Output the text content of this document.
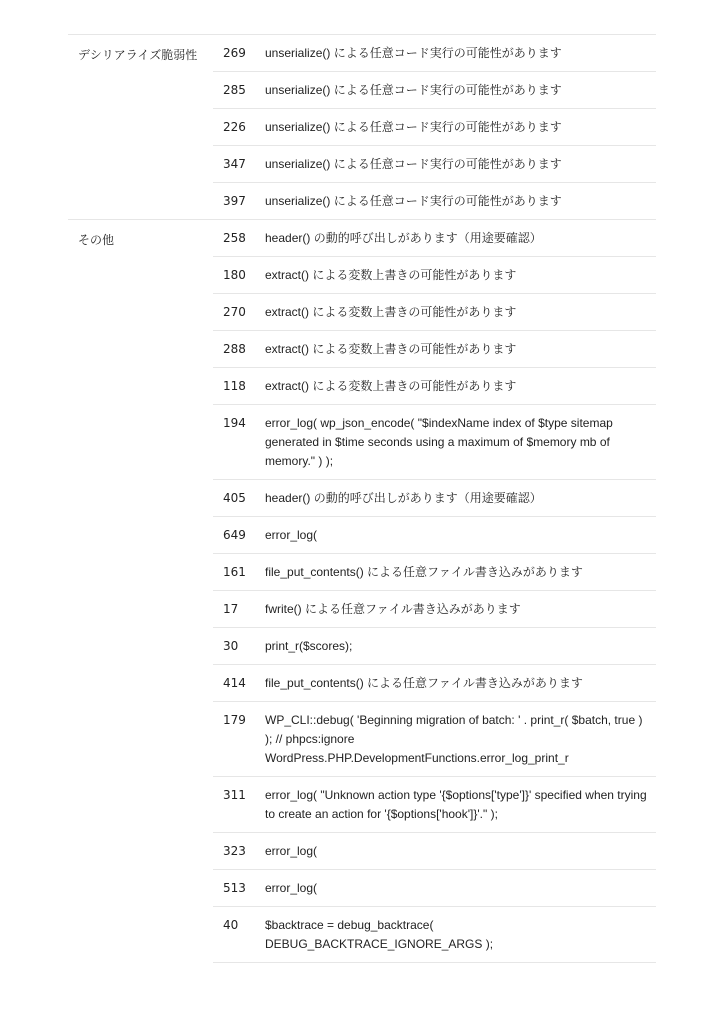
デシリアライズ脆弱性	269	unserialize() による任意コード実行の可能性があります
285	unserialize() による任意コード実行の可能性があります
226	unserialize() による任意コード実行の可能性があります
347	unserialize() による任意コード実行の可能性があります
397	unserialize() による任意コード実行の可能性があります
その他	258	header() の動的呼び出しがあります（用途要確認）
180	extract() による変数上書きの可能性があります
270	extract() による変数上書きの可能性があります
288	extract() による変数上書きの可能性があります
118	extract() による変数上書きの可能性があります
194	error_log( wp_json_encode( "$indexName index of $type sitemap generated in $time seconds using a maximum of $memory mb of memory." ) );
405	header() の動的呼び出しがあります（用途要確認）
649	error_log(
161	file_put_contents() による任意ファイル書き込みがあります
17	fwrite() による任意ファイル書き込みがあります
30	print_r($scores);
414	file_put_contents() による任意ファイル書き込みがあります
179	WP_CLI::debug( 'Beginning migration of batch: ' . print_r( $batch, true ) ); // phpcs:ignore WordPress.PHP.DevelopmentFunctions.error_log_print_r
311	error_log( "Unknown action type '{$options['type']}' specified when trying to create an action for '{$options['hook']}'." );
323	error_log(
513	error_log(
40	$backtrace = debug_backtrace( DEBUG_BACKTRACE_IGNORE_ARGS );
